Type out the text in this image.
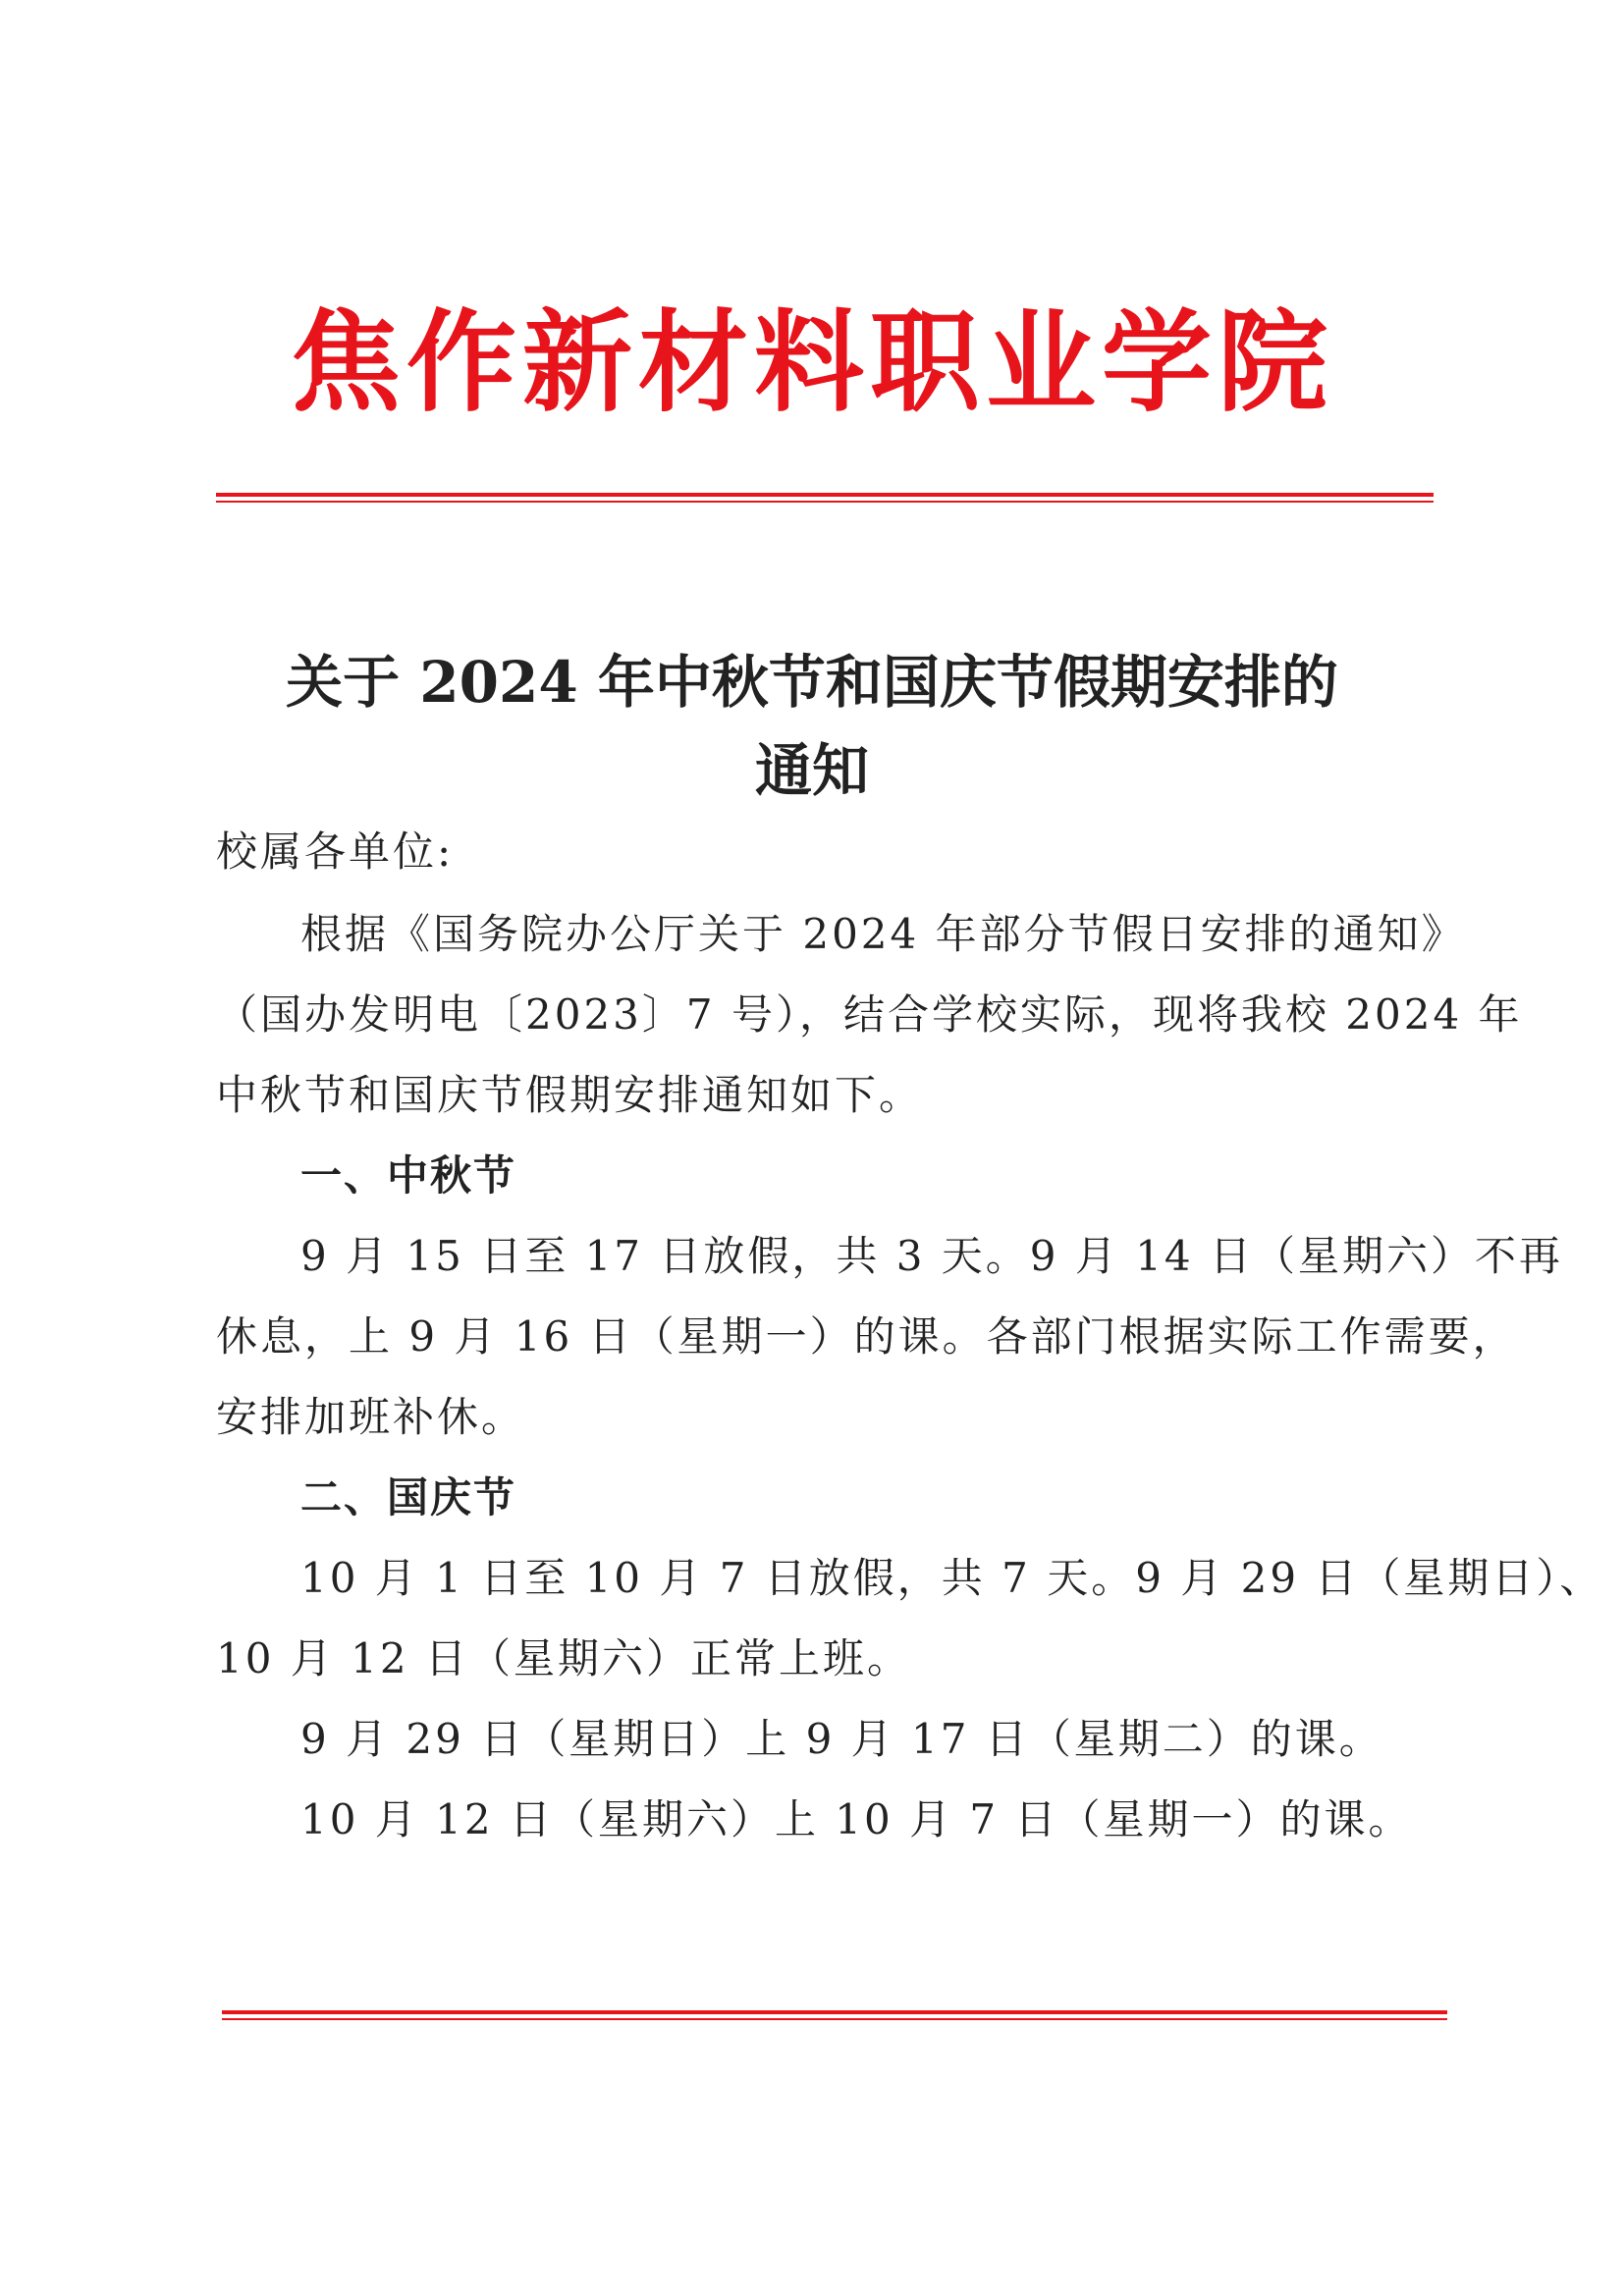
焦作新材料职业学院
关于 2024 年中秋节和国庆节假期安排的
通知
校属各单位:
根据《国务院办公厅关于 2024 年部分节假日安排的通知》
（国办发明电〔2023〕7 号），结合学校实际，现将我校 2024 年
中秋节和国庆节假期安排通知如下。
一、中秋节
9 月 15 日至 17 日放假，共 3 天。9 月 14 日（星期六）不再
休息，上 9 月 16 日（星期一）的课。各部门根据实际工作需要，
安排加班补休。
二、国庆节
10 月 1 日至 10 月 7 日放假，共 7 天。9 月 29 日（星期日）、
10 月 12 日（星期六）正常上班。
9 月 29 日（星期日）上 9 月 17 日（星期二）的课。
10 月 12 日（星期六）上 10 月 7 日（星期一）的课。
